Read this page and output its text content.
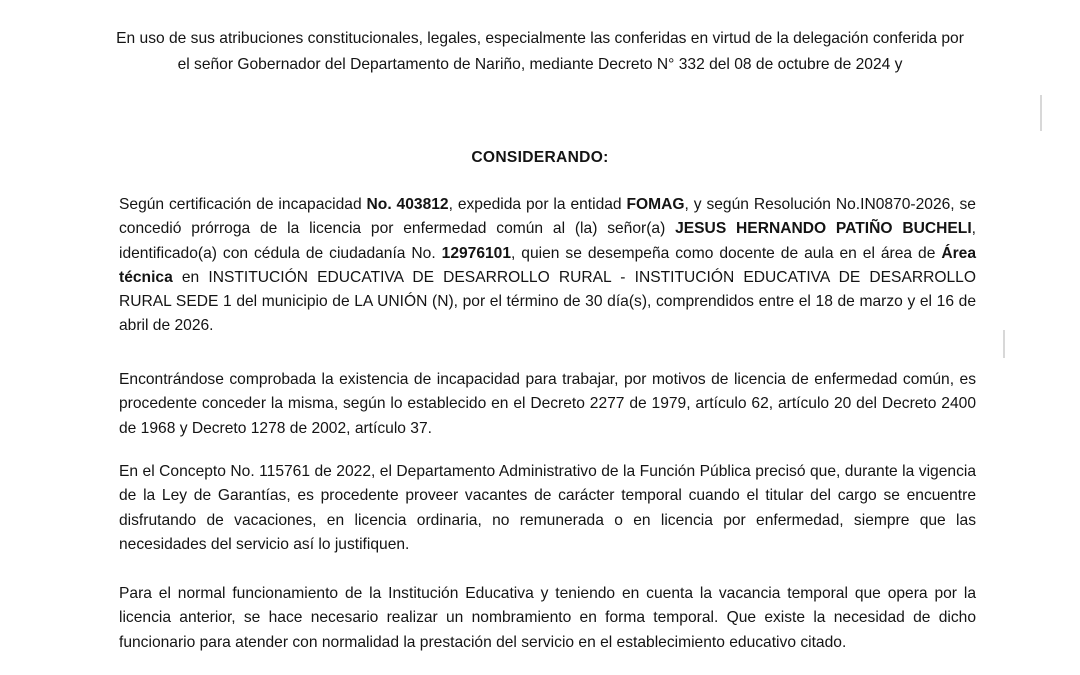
En uso de sus atribuciones constitucionales, legales, especialmente las conferidas en virtud de la delegación conferida por el señor Gobernador del Departamento de Nariño, mediante Decreto N° 332 del 08 de octubre de 2024 y

CONSIDERANDO:

Según certificación de incapacidad No. 403812, expedida por la entidad FOMAG, y según Resolución No.IN0870-2026, se concedió prórroga de la licencia por enfermedad común al (la) señor(a) JESUS HERNANDO PATIÑO BUCHELI, identificado(a) con cédula de ciudadanía No. 12976101, quien se desempeña como docente de aula en el área de Área técnica en INSTITUCIÓN EDUCATIVA DE DESARROLLO RURAL - INSTITUCIÓN EDUCATIVA DE DESARROLLO RURAL SEDE 1 del municipio de LA UNIÓN (N), por el término de 30 día(s), comprendidos entre el 18 de marzo y el 16 de abril de 2026.

Encontrándose comprobada la existencia de incapacidad para trabajar, por motivos de licencia de enfermedad común, es procedente conceder la misma, según lo establecido en el Decreto 2277 de 1979, artículo 62, artículo 20 del Decreto 2400 de 1968 y Decreto 1278 de 2002, artículo 37.

En el Concepto No. 115761 de 2022, el Departamento Administrativo de la Función Pública precisó que, durante la vigencia de la Ley de Garantías, es procedente proveer vacantes de carácter temporal cuando el titular del cargo se encuentre disfrutando de vacaciones, en licencia ordinaria, no remunerada o en licencia por enfermedad, siempre que las necesidades del servicio así lo justifiquen.

Para el normal funcionamiento de la Institución Educativa y teniendo en cuenta la vacancia temporal que opera por la licencia anterior, se hace necesario realizar un nombramiento en forma temporal. Que existe la necesidad de dicho funcionario para atender con normalidad la prestación del servicio en el establecimiento educativo citado.
